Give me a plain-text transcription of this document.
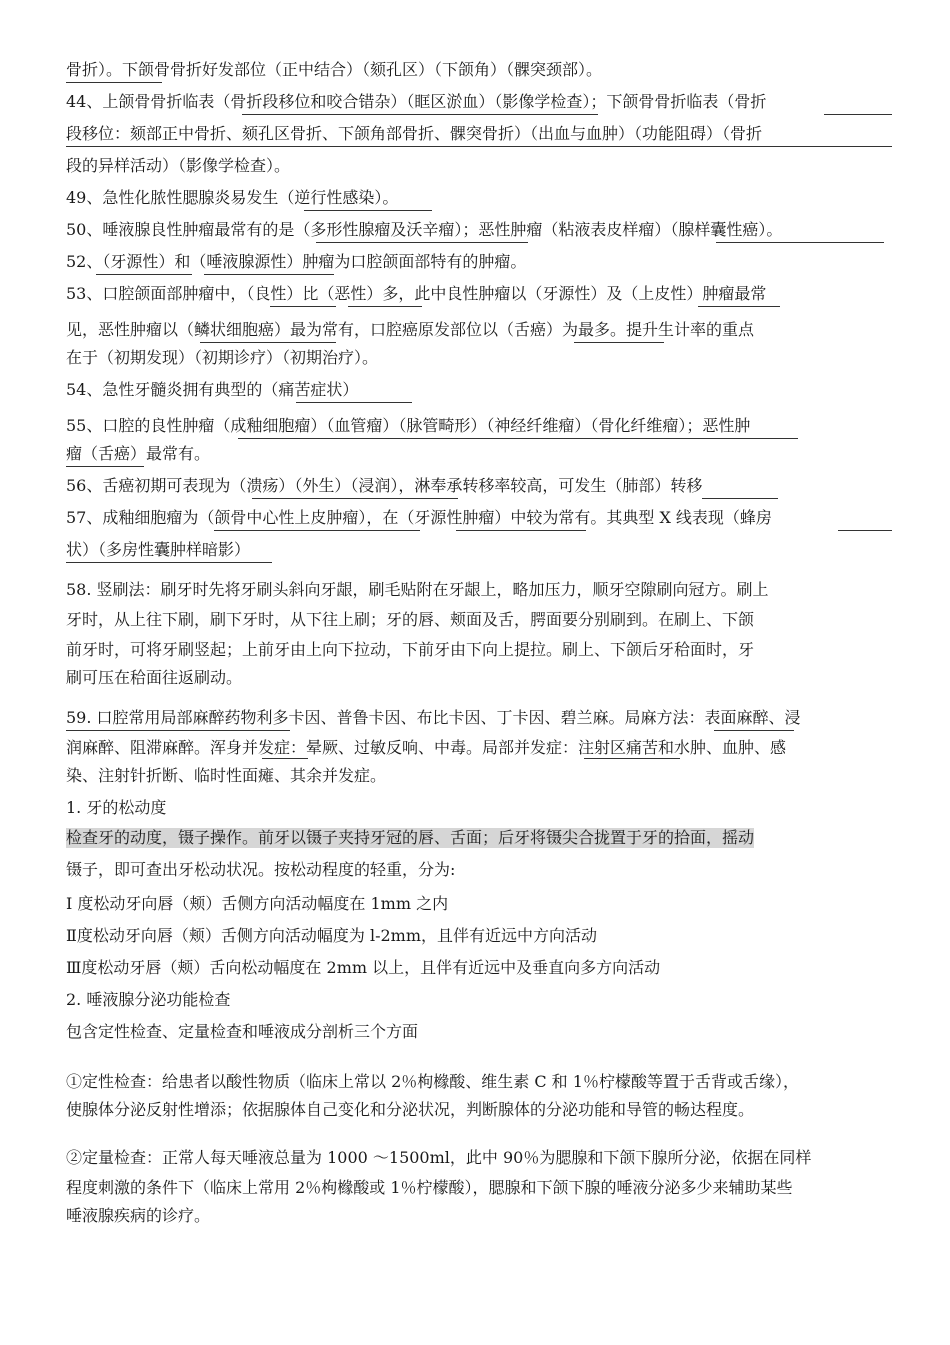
骨折）。下颌骨骨折好发部位（正中结合）（颏孔区）（下颌角）（髁突颈部）。
44、上颌骨骨折临表（骨折段移位和咬合错杂）（眶区淤血）（影像学检查）；下颌骨骨折临表（骨折
段移位：颏部正中骨折、颏孔区骨折、下颌角部骨折、髁突骨折）（出血与血肿）（功能阻碍）（骨折
段的异样活动）（影像学检查）。
49、急性化脓性腮腺炎易发生（逆行性感染）。
50、唾液腺良性肿瘤最常有的是（多形性腺瘤及沃辛瘤）；恶性肿瘤（粘液表皮样瘤）（腺样囊性癌）。
52、（牙源性）和（唾液腺源性）肿瘤为口腔颌面部特有的肿瘤。
53、口腔颌面部肿瘤中，（良性）比（恶性）多，此中良性肿瘤以（牙源性）及（上皮性）肿瘤最常
见，恶性肿瘤以（鳞状细胞癌）最为常有，口腔癌原发部位以（舌癌）为最多。提升生计率的重点
在于（初期发现）（初期诊疗）（初期治疗）。
54、急性牙髓炎拥有典型的（痛苦症状）
55、口腔的良性肿瘤（成釉细胞瘤）（血管瘤）（脉管畸形）（神经纤维瘤）（骨化纤维瘤）；恶性肿
瘤（舌癌）最常有。
56、舌癌初期可表现为（溃疡）（外生）（浸润），淋奉承转移率较高，可发生（肺部）转移
57、成釉细胞瘤为（颌骨中心性上皮肿瘤），在（牙源性肿瘤）中较为常有。其典型 X 线表现（蜂房
状）（多房性囊肿样暗影）
58. 竖刷法：刷牙时先将牙刷头斜向牙龈，刷毛贴附在牙龈上，略加压力，顺牙空隙刷向冠方。刷上
牙时，从上往下刷，刷下牙时，从下往上刷；牙的唇、颊面及舌，腭面要分别刷到。在刷上、下颌
前牙时，可将牙刷竖起；上前牙由上向下拉动，下前牙由下向上提拉。刷上、下颌后牙秴面时，牙
刷可压在秴面往返刷动。
59. 口腔常用局部麻醉药物利多卡因、普鲁卡因、布比卡因、丁卡因、碧兰麻。局麻方法：表面麻醉、浸
润麻醉、阻滞麻醉。浑身并发症：晕厥、过敏反响、中毒。局部并发症：注射区痛苦和水肿、血肿、感
染、注射针折断、临时性面瘫、其余并发症。
1. 牙的松动度
检查牙的动度，镊子操作。前牙以镊子夹持牙冠的唇、舌面；后牙将镊尖合拢置于牙的拾面，摇动
镊子，即可查出牙松动状况。按松动程度的轻重，分为:
I 度松动牙向唇（颊）舌侧方向活动幅度在 1mm 之内
Ⅱ度松动牙向唇（颊）舌侧方向活动幅度为 l-2mm，且伴有近远中方向活动
Ⅲ度松动牙唇（颊）舌向松动幅度在 2mm 以上，且伴有近远中及垂直向多方向活动
2. 唾液腺分泌功能检查
包含定性检查、定量检查和唾液成分剖析三个方面
①定性检查：给患者以酸性物质（临床上常以 2％枸橼酸、维生素 C 和 1％柠檬酸等置于舌背或舌缘），
使腺体分泌反射性增添；依据腺体自己变化和分泌状况，判断腺体的分泌功能和导管的畅达程度。
②定量检查：正常人每天唾液总量为 1000 ～1500ml，此中 90％为腮腺和下颌下腺所分泌，依据在同样
程度刺激的条件下（临床上常用 2％枸橼酸或 1％柠檬酸），腮腺和下颌下腺的唾液分泌多少来辅助某些
唾液腺疾病的诊疗。
